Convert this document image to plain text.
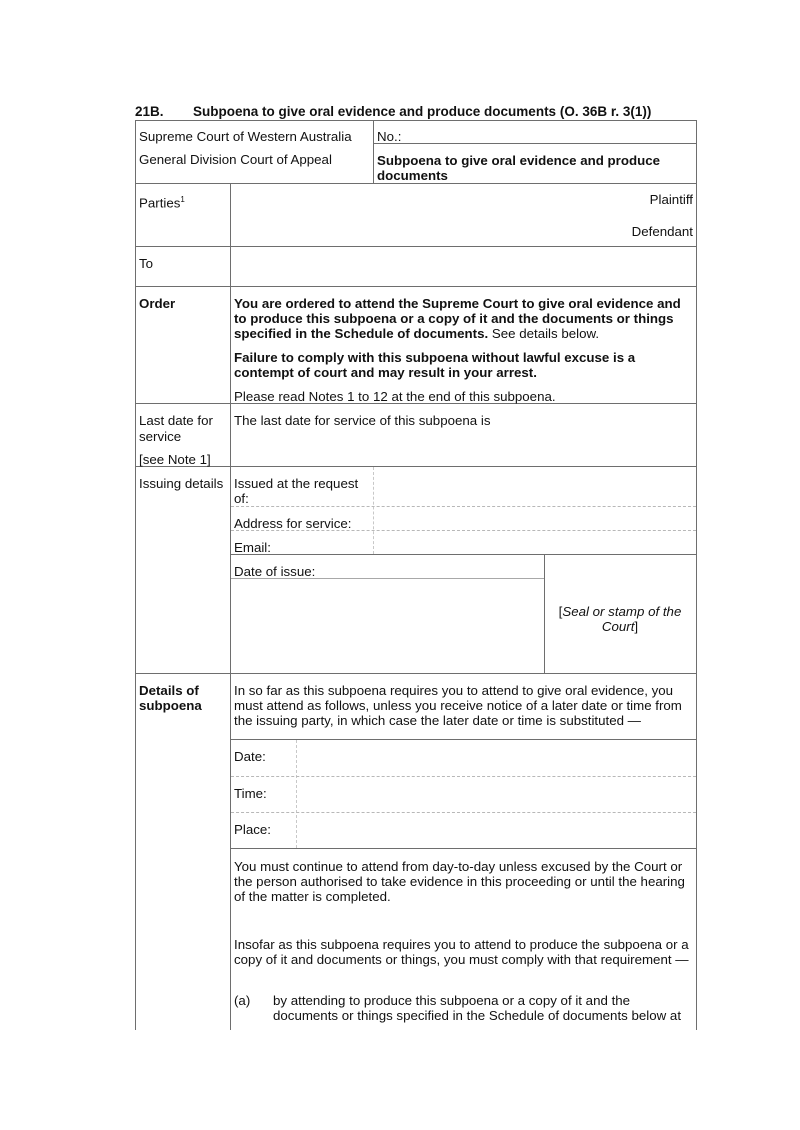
21B. Subpoena to give oral evidence and produce documents (O. 36B r. 3(1))
Supreme Court of Western Australia
General Division Court of Appeal
No.:
Subpoena to give oral evidence and produce documents
Parties$^1$	Plaintiff
Defendant
To
Order	You are ordered to attend the Supreme Court to give oral evidence and to produce this subpoena or a copy of it and the documents or things specified in the Schedule of documents. See details below.
Failure to comply with this subpoena without lawful excuse is a contempt of court and may result in your arrest.
Please read Notes 1 to 12 at the end of this subpoena.
Last date for service
[see Note 1]
The last date for service of this subpoena is
Issuing details Issued at the request of:
Address for service:
Email:
Date of issue:
[Seal or stamp of the Court]
Details of subpoena
In so far as this subpoena requires you to attend to give oral evidence, you must attend as follows, unless you receive notice of a later date or time from the issuing party, in which case the later date or time is substituted —
Date:
Time:
Place:
You must continue to attend from day-to-day unless excused by the Court or the person authorised to take evidence in this proceeding or until the hearing of the matter is completed.
Insofar as this subpoena requires you to attend to produce the subpoena or a copy of it and documents or things, you must comply with that requirement —
(a) by attending to produce this subpoena or a copy of it and the documents or things specified in the Schedule of documents below at
